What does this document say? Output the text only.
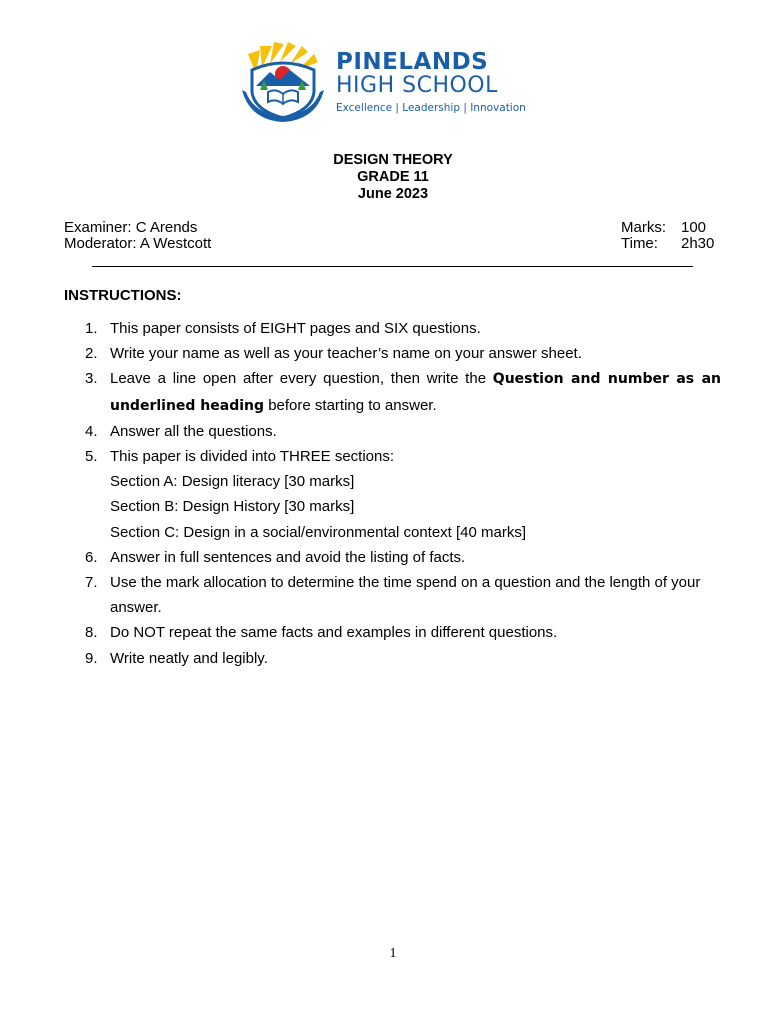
PINELANDS
HIGH SCHOOL
Excellence | Leadership | Innovation
DESIGN THEORY
GRADE 11
June 2023
Examiner: C Arends
Moderator: A Westcott
Marks: 100
Time: 2h30
INSTRUCTIONS:
1. This paper consists of EIGHT pages and SIX questions.
2. Write your name as well as your teacher’s name on your answer sheet.
3. Leave a line open after every question, then write the Question and number as an underlined heading before starting to answer.
4. Answer all the questions.
5. This paper is divided into THREE sections:
Section A: Design literacy [30 marks]
Section B: Design History [30 marks]
Section C: Design in a social/environmental context [40 marks]
6. Answer in full sentences and avoid the listing of facts.
7. Use the mark allocation to determine the time spend on a question and the length of your answer.
8. Do NOT repeat the same facts and examples in different questions.
9. Write neatly and legibly.
1
